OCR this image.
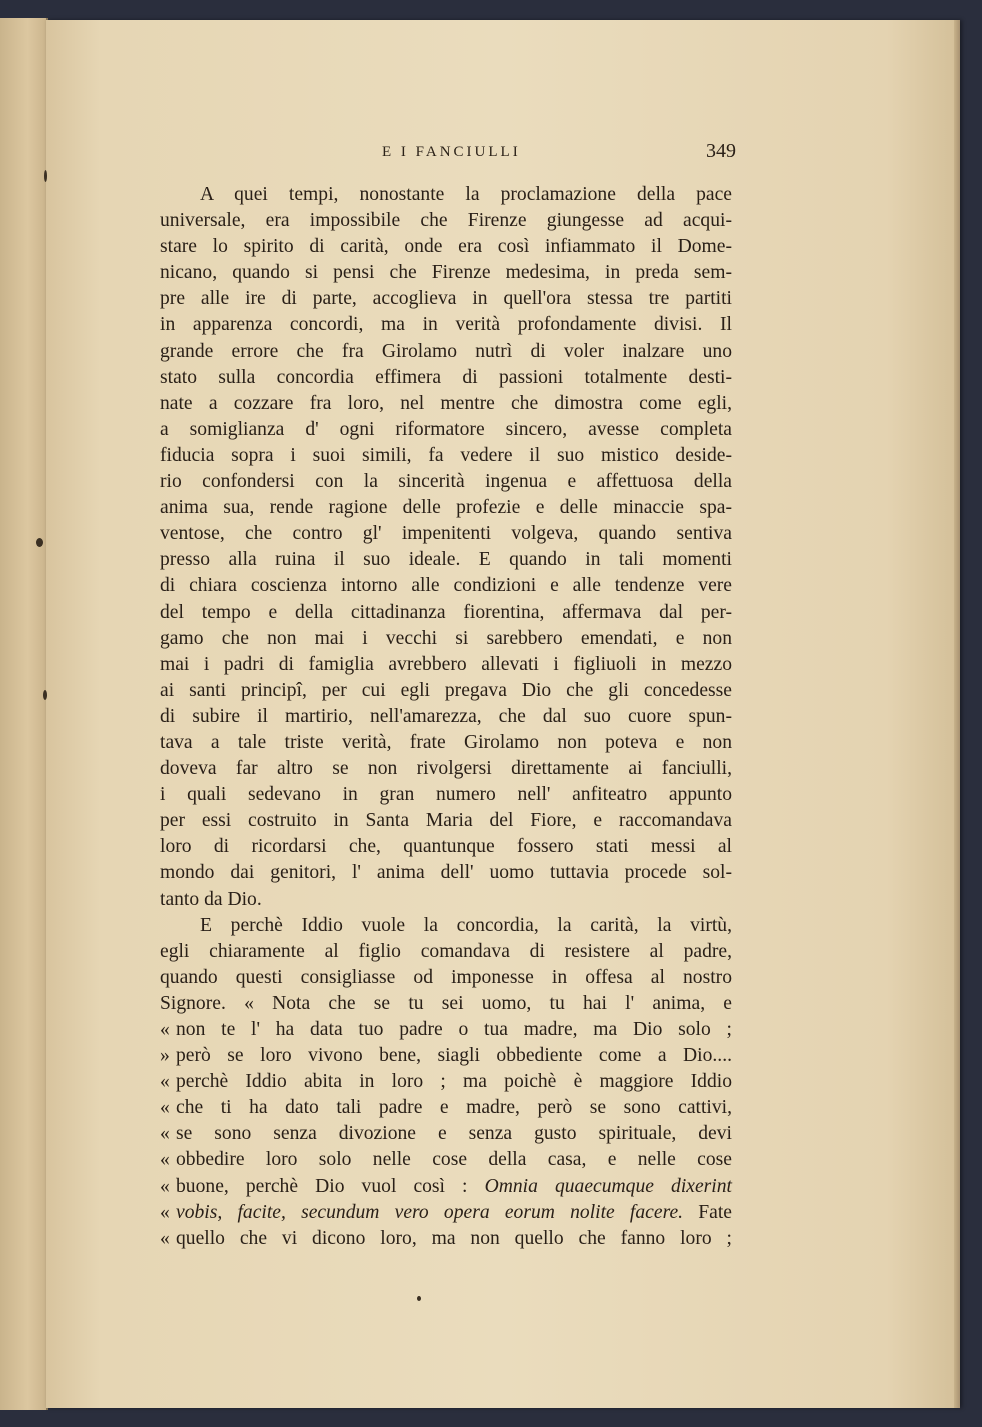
E I FANCIULLI	349
A quei tempi, nonostante la proclamazione della pace
universale, era impossibile che Firenze giungesse ad acqui-
stare lo spirito di carità, onde era così infiammato il Dome-
nicano, quando si pensi che Firenze medesima, in preda sem-
pre alle ire di parte, accoglieva in quell'ora stessa tre partiti
in apparenza concordi, ma in verità profondamente divisi. Il
grande errore che fra Girolamo nutrì di voler inalzare uno
stato sulla concordia effimera di passioni totalmente desti-
nate a cozzare fra loro, nel mentre che dimostra come egli,
a somiglianza d' ogni riformatore sincero, avesse completa
fiducia sopra i suoi simili, fa vedere il suo mistico deside-
rio confondersi con la sincerità ingenua e affettuosa della
anima sua, rende ragione delle profezie e delle minaccie spa-
ventose, che contro gl' impenitenti volgeva, quando sentiva
presso alla ruina il suo ideale. E quando in tali momenti
di chiara coscienza intorno alle condizioni e alle tendenze vere
del tempo e della cittadinanza fiorentina, affermava dal per-
gamo che non mai i vecchi si sarebbero emendati, e non
mai i padri di famiglia avrebbero allevati i figliuoli in mezzo
ai santi principî, per cui egli pregava Dio che gli concedesse
di subire il martirio, nell'amarezza, che dal suo cuore spun-
tava a tale triste verità, frate Girolamo non poteva e non
doveva far altro se non rivolgersi direttamente ai fanciulli,
i quali sedevano in gran numero nell' anfiteatro appunto
per essi costruito in Santa Maria del Fiore, e raccomandava
loro di ricordarsi che, quantunque fossero stati messi al
mondo dai genitori, l' anima dell' uomo tuttavia procede sol-
tanto da Dio.
E perchè Iddio vuole la concordia, la carità, la virtù,
egli chiaramente al figlio comandava di resistere al padre,
quando questi consigliasse od imponesse in offesa al nostro
Signore. « Nota che se tu sei uomo, tu hai l' anima, e
« non te l' ha data tuo padre o tua madre, ma Dio solo ;
» però se loro vivono bene, siagli obbediente come a Dio....
« perchè Iddio abita in loro ; ma poichè è maggiore Iddio
« che ti ha dato tali padre e madre, però se sono cattivi,
« se sono senza divozione e senza gusto spirituale, devi
« obbedire loro solo nelle cose della casa, e nelle cose
« buone, perchè Dio vuol così : Omnia quaecumque dixerint
« vobis, facite, secundum vero opera eorum nolite facere. Fate
« quello che vi dicono loro, ma non quello che fanno loro ;
